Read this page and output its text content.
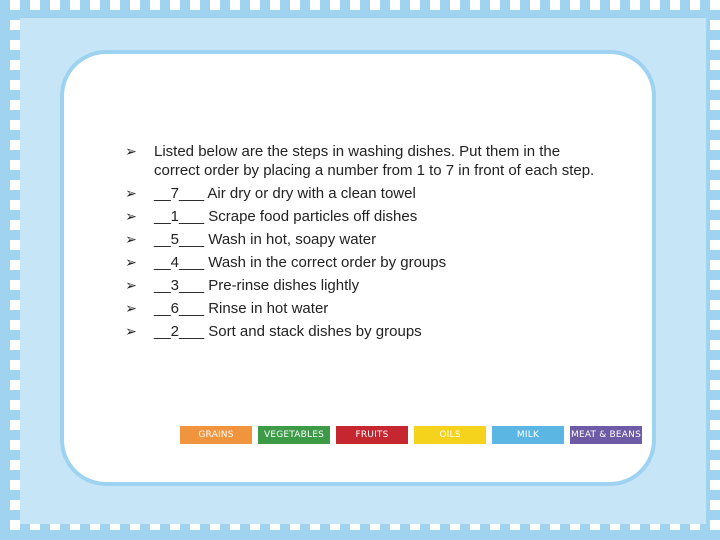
➢ Listed below are the steps in washing dishes. Put them in the correct order by placing a number from 1 to 7 in front of each step.
➢ __7___ Air dry or dry with a clean towel
➢ __1___ Scrape food particles off dishes
➢ __5___ Wash in hot, soapy water
➢ __4___ Wash in the correct order by groups
➢ __3___ Pre-rinse dishes lightly
➢ __6___ Rinse in hot water
➢ __2___ Sort and stack dishes by groups
GRAINS	VEGETABLES	FRUITS	OILS	MILK	MEAT & BEANS
